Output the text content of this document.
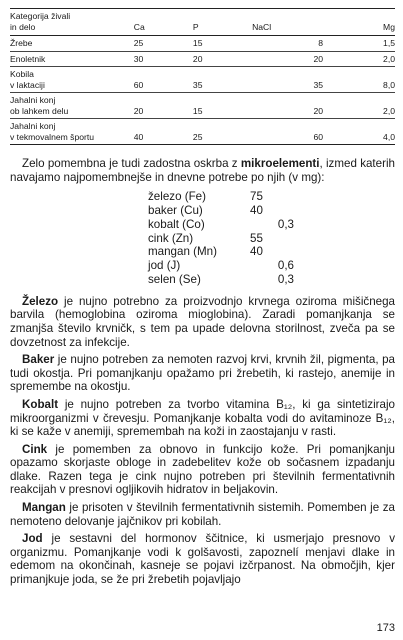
Kategorija živali
in delo	Ca	P	NaCl	Mg
Žrebe	25	15	8	1,5
Enoletnik	30	20	20	2,0
Kobila
v laktaciji	60	35	35	8,0
Jahalni konj
ob lahkem delu	20	15	20	2,0
Jahalni konj
v tekmovalnem športu	40	25	60	4,0

Zelo pomembna je tudi zadostna oskrba z mikroelementi, izmed katerih navajamo najpomembnejše in dnevne potrebe po njih (v mg):

železo (Fe)	75
baker (Cu)	40
kobalt (Co)	0,3
cink (Zn)	55
mangan (Mn)	40
jod (J)	0,6
selen (Se)	0,3

Železo je nujno potrebno za proizvodnjo krvnega oziroma mišičnega barvila (hemoglobina oziroma mioglobina). Zaradi pomanjkanja se zmanjša število krvničk, s tem pa upade delovna storilnost, zveča pa se dovzetnost za infekcije.

Baker je nujno potreben za nemoten razvoj krvi, krvnih žil, pigmenta, pa tudi okostja. Pri pomanjkanju opažamo pri žrebetih, ki rastejo, anemije in spremembe na okostju.

Kobalt je nujno potreben za tvorbo vitamina B₁₂, ki ga sintetizirajo mikroorganizmi v črevesju. Pomanjkanje kobalta vodi do avitaminoze B₁₂, ki se kaže v anemiji, spremembah na koži in zaostajanju v rasti.

Cink je pomemben za obnovo in funkcijo kože. Pri pomanjkanju opazamo skorjaste obloge in zadebelitev kože ob sočasnem izpadanju dlake. Razen tega je cink nujno potreben pri številnih fermentativnih reakcijah v presnovi ogljikovih hidratov in beljakovin.

Mangan je prisoten v številnih fermentativnih sistemih. Pomemben je za nemoteno delovanje jajčnikov pri kobilah.

Jod je sestavni del hormonov ščitnice, ki usmerjajo presnovo v organizmu. Pomanjkanje vodi k golšavosti, zapoznelí menjavi dlake in edemom na okončinah, kasneje se pojavi izčrpanost. Na območjih, kjer primanjkuje joda, se že pri žrebetih pojavljajo

173
